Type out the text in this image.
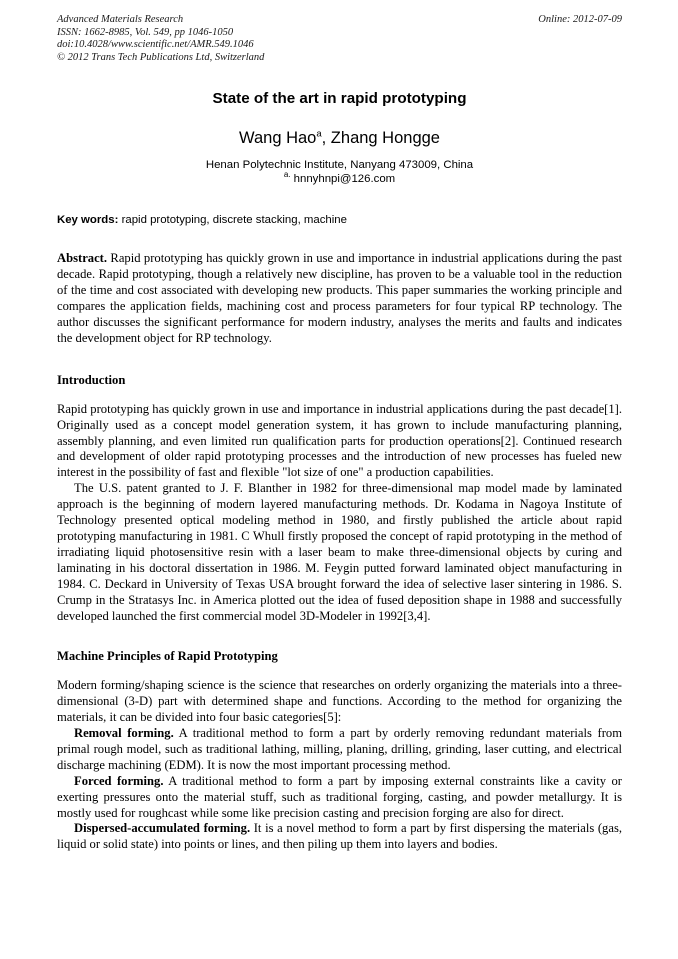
Advanced Materials Research
ISSN: 1662-8985, Vol. 549, pp 1046-1050
doi:10.4028/www.scientific.net/AMR.549.1046
© 2012 Trans Tech Publications Ltd, Switzerland
Online: 2012-07-09
State of the art in rapid prototyping
Wang Hao$^a$, Zhang Hongge
Henan Polytechnic Institute, Nanyang 473009, China
$^{a.}$ hnnyhnpi@126.com
Key words: rapid prototyping, discrete stacking, machine
Abstract. Rapid prototyping has quickly grown in use and importance in industrial applications during the past decade. Rapid prototyping, though a relatively new discipline, has proven to be a valuable tool in the reduction of the time and cost associated with developing new products. This paper summaries the working principle and compares the application fields, machining cost and process parameters for four typical RP technology. The author discusses the significant performance for modern industry, analyses the merits and faults and indicates the development object for RP technology.
Introduction
Rapid prototyping has quickly grown in use and importance in industrial applications during the past decade[1]. Originally used as a concept model generation system, it has grown to include manufacturing planning, assembly planning, and even limited run qualification parts for production operations[2]. Continued research and development of older rapid prototyping processes and the introduction of new processes has fueled new interest in the possibility of fast and flexible "lot size of one" a production capabilities.
The U.S. patent granted to J. F. Blanther in 1982 for three-dimensional map model made by laminated approach is the beginning of modern layered manufacturing methods. Dr. Kodama in Nagoya Institute of Technology presented optical modeling method in 1980, and firstly published the article about rapid prototyping manufacturing in 1981. C Whull firstly proposed the concept of rapid prototyping in the method of irradiating liquid photosensitive resin with a laser beam to make three-dimensional objects by curing and laminating in his doctoral dissertation in 1986. M. Feygin putted forward laminated object manufacturing in 1984. C. Deckard in University of Texas USA brought forward the idea of selective laser sintering in 1986. S. Crump in the Stratasys Inc. in America plotted out the idea of fused deposition shape in 1988 and successfully developed launched the first commercial model 3D-Modeler in 1992[3,4].
Machine Principles of Rapid Prototyping
Modern forming/shaping science is the science that researches on orderly organizing the materials into a three-dimensional (3-D) part with determined shape and functions. According to the method for organizing the materials, it can be divided into four basic categories[5]:
Removal forming. A traditional method to form a part by orderly removing redundant materials from primal rough model, such as traditional lathing, milling, planing, drilling, grinding, laser cutting, and electrical discharge machining (EDM). It is now the most important processing method.
Forced forming. A traditional method to form a part by imposing external constraints like a cavity or exerting pressures onto the material stuff, such as traditional forging, casting, and powder metallurgy. It is mostly used for roughcast while some like precision casting and precision forging are also for direct.
Dispersed-accumulated forming. It is a novel method to form a part by first dispersing the materials (gas, liquid or solid state) into points or lines, and then piling up them into layers and bodies.
